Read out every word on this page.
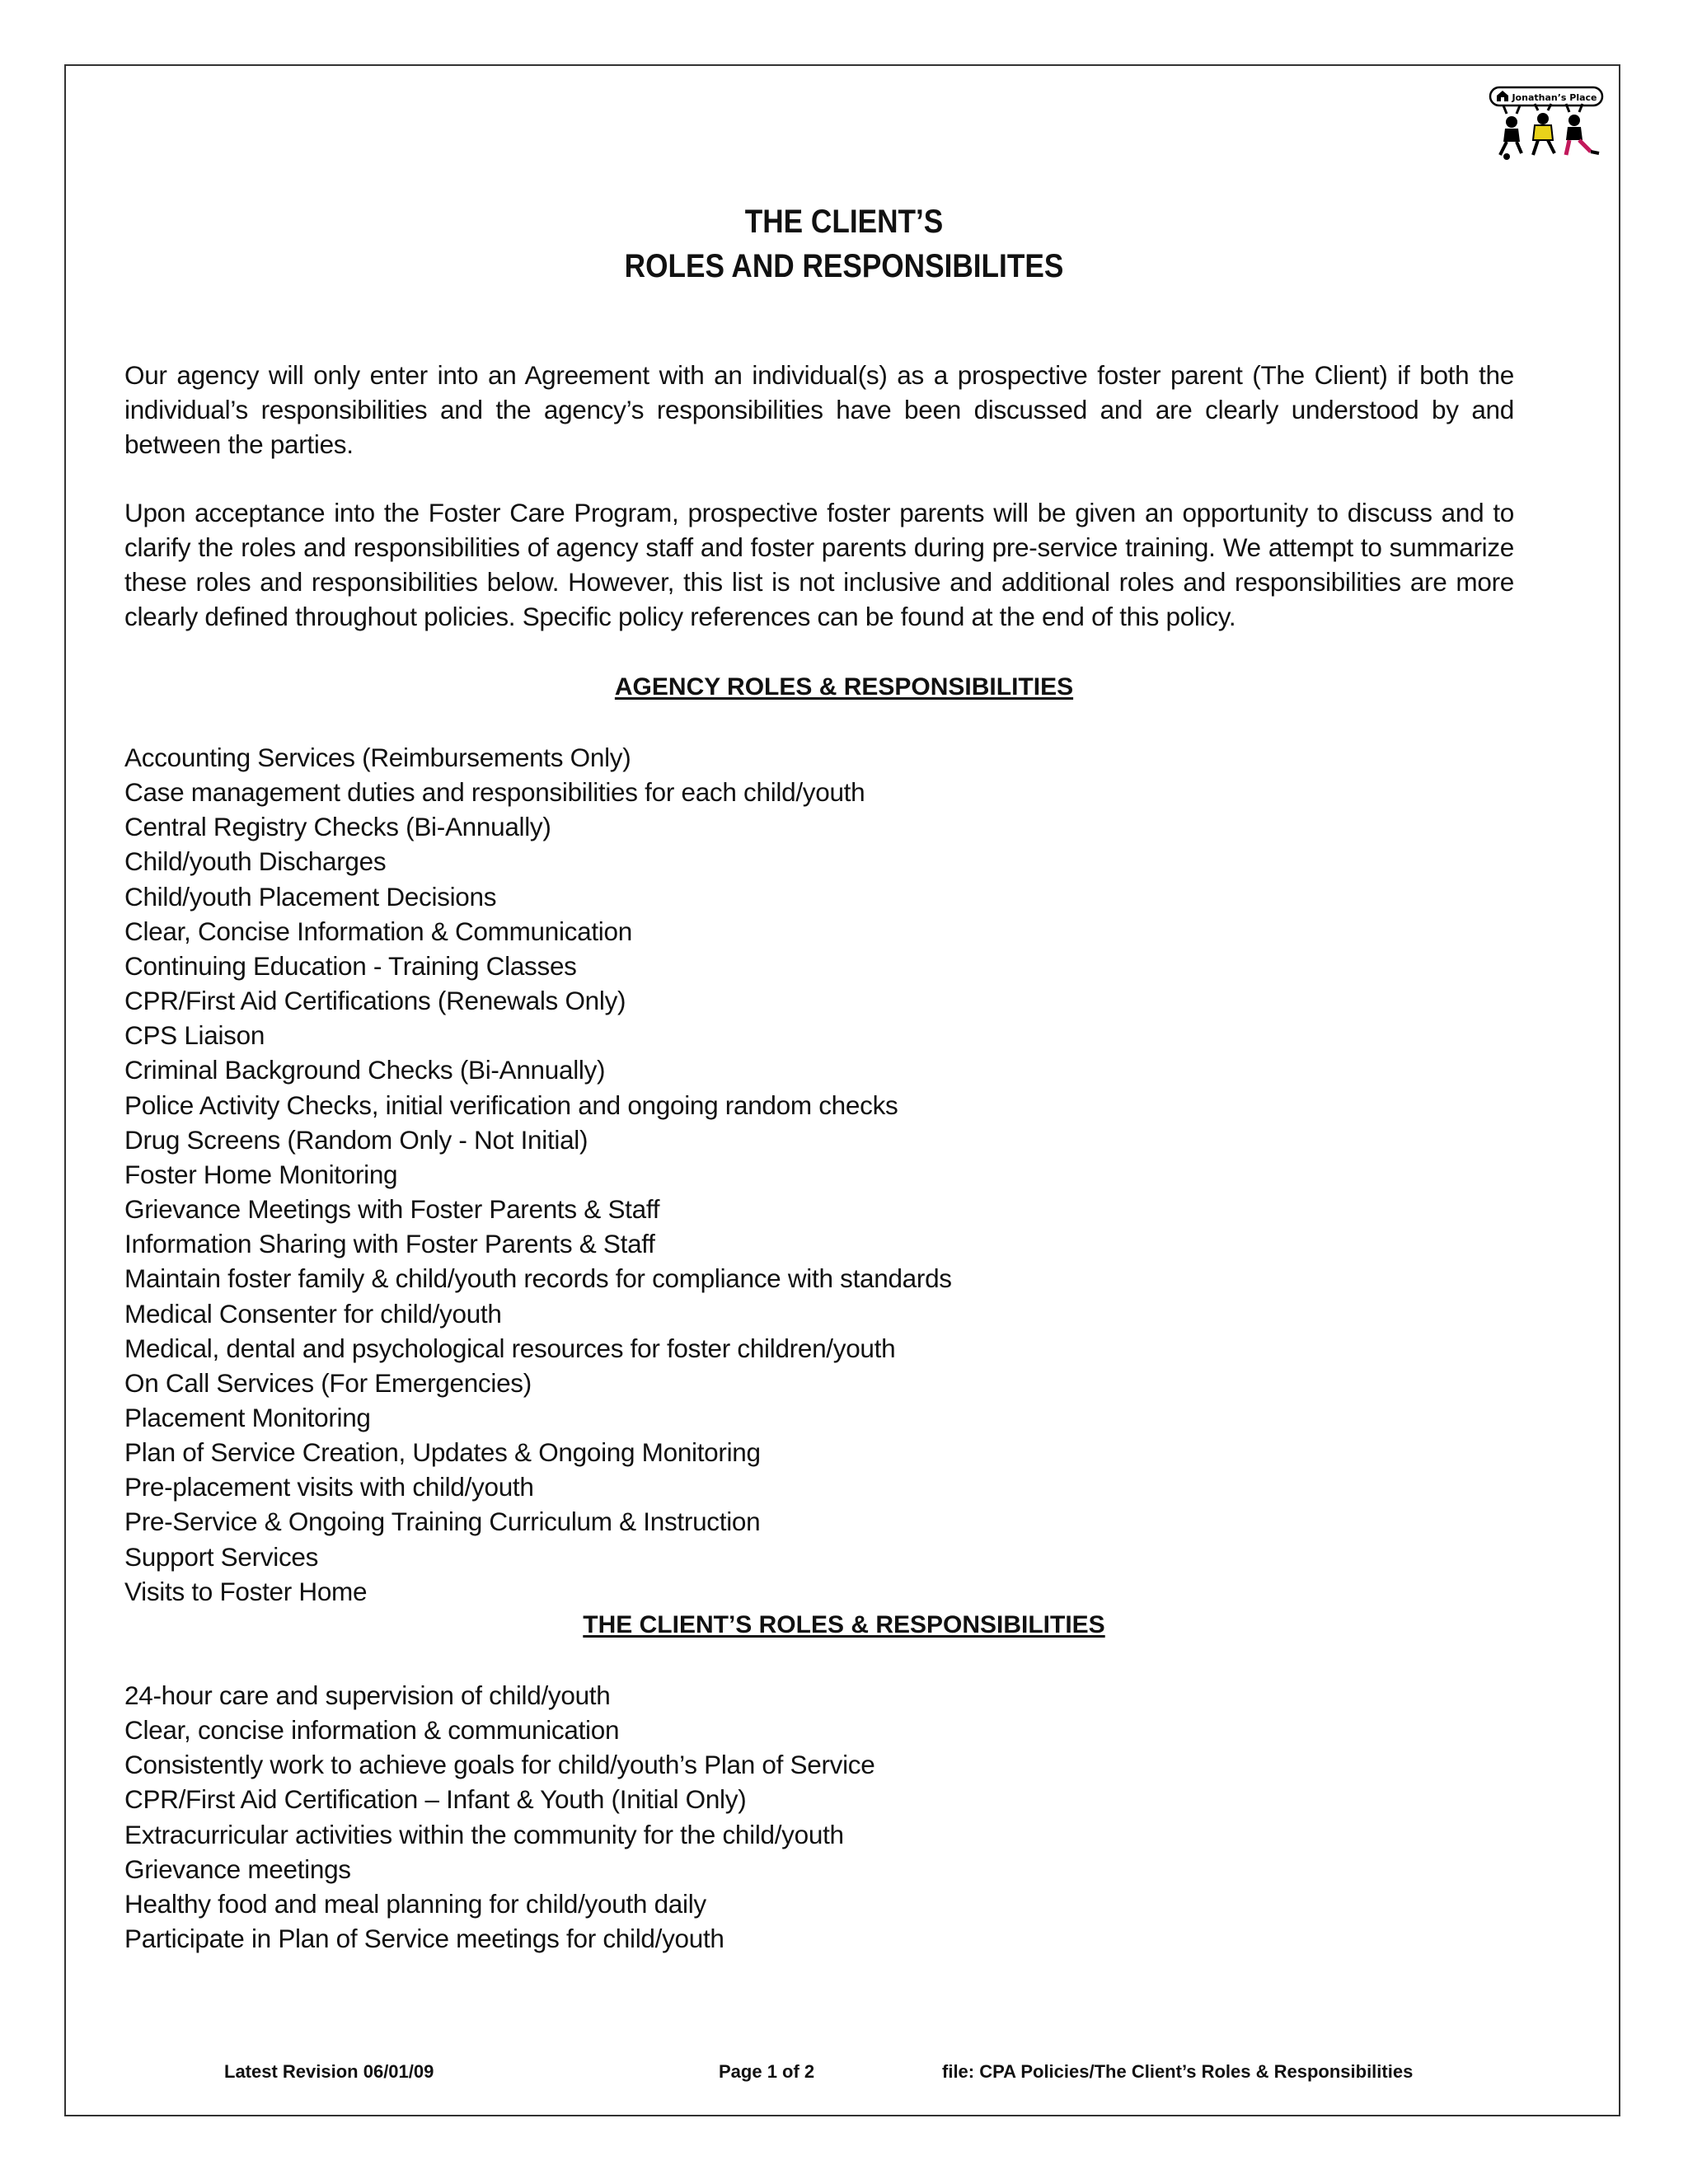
Jonathan’s Place
THE CLIENT’S
ROLES AND RESPONSIBILITES

Our agency will only enter into an Agreement with an individual(s) as a prospective foster parent (The Client) if both the individual’s responsibilities and the agency’s responsibilities have been discussed and are clearly understood by and between the parties.

Upon acceptance into the Foster Care Program, prospective foster parents will be given an opportunity to discuss and to clarify the roles and responsibilities of agency staff and foster parents during pre-service training. We attempt to summarize these roles and responsibilities below. However, this list is not inclusive and additional roles and responsibilities are more clearly defined throughout policies. Specific policy references can be found at the end of this policy.

AGENCY ROLES & RESPONSIBILITIES
Accounting Services (Reimbursements Only)
Case management duties and responsibilities for each child/youth
Central Registry Checks (Bi-Annually)
Child/youth Discharges
Child/youth Placement Decisions
Clear, Concise Information & Communication
Continuing Education - Training Classes
CPR/First Aid Certifications (Renewals Only)
CPS Liaison
Criminal Background Checks (Bi-Annually)
Police Activity Checks, initial verification and ongoing random checks
Drug Screens (Random Only - Not Initial)
Foster Home Monitoring
Grievance Meetings with Foster Parents & Staff
Information Sharing with Foster Parents & Staff
Maintain foster family & child/youth records for compliance with standards
Medical Consenter for child/youth
Medical, dental and psychological resources for foster children/youth
On Call Services (For Emergencies)
Placement Monitoring
Plan of Service Creation, Updates & Ongoing Monitoring
Pre-placement visits with child/youth
Pre-Service & Ongoing Training Curriculum & Instruction
Support Services
Visits to Foster Home
THE CLIENT’S ROLES & RESPONSIBILITIES
24-hour care and supervision of child/youth
Clear, concise information & communication
Consistently work to achieve goals for child/youth’s Plan of Service
CPR/First Aid Certification – Infant & Youth (Initial Only)
Extracurricular activities within the community for the child/youth
Grievance meetings
Healthy food and meal planning for child/youth daily
Participate in Plan of Service meetings for child/youth
Latest Revision 06/01/09	Page 1 of 2	file: CPA Policies/The Client’s Roles & Responsibilities
